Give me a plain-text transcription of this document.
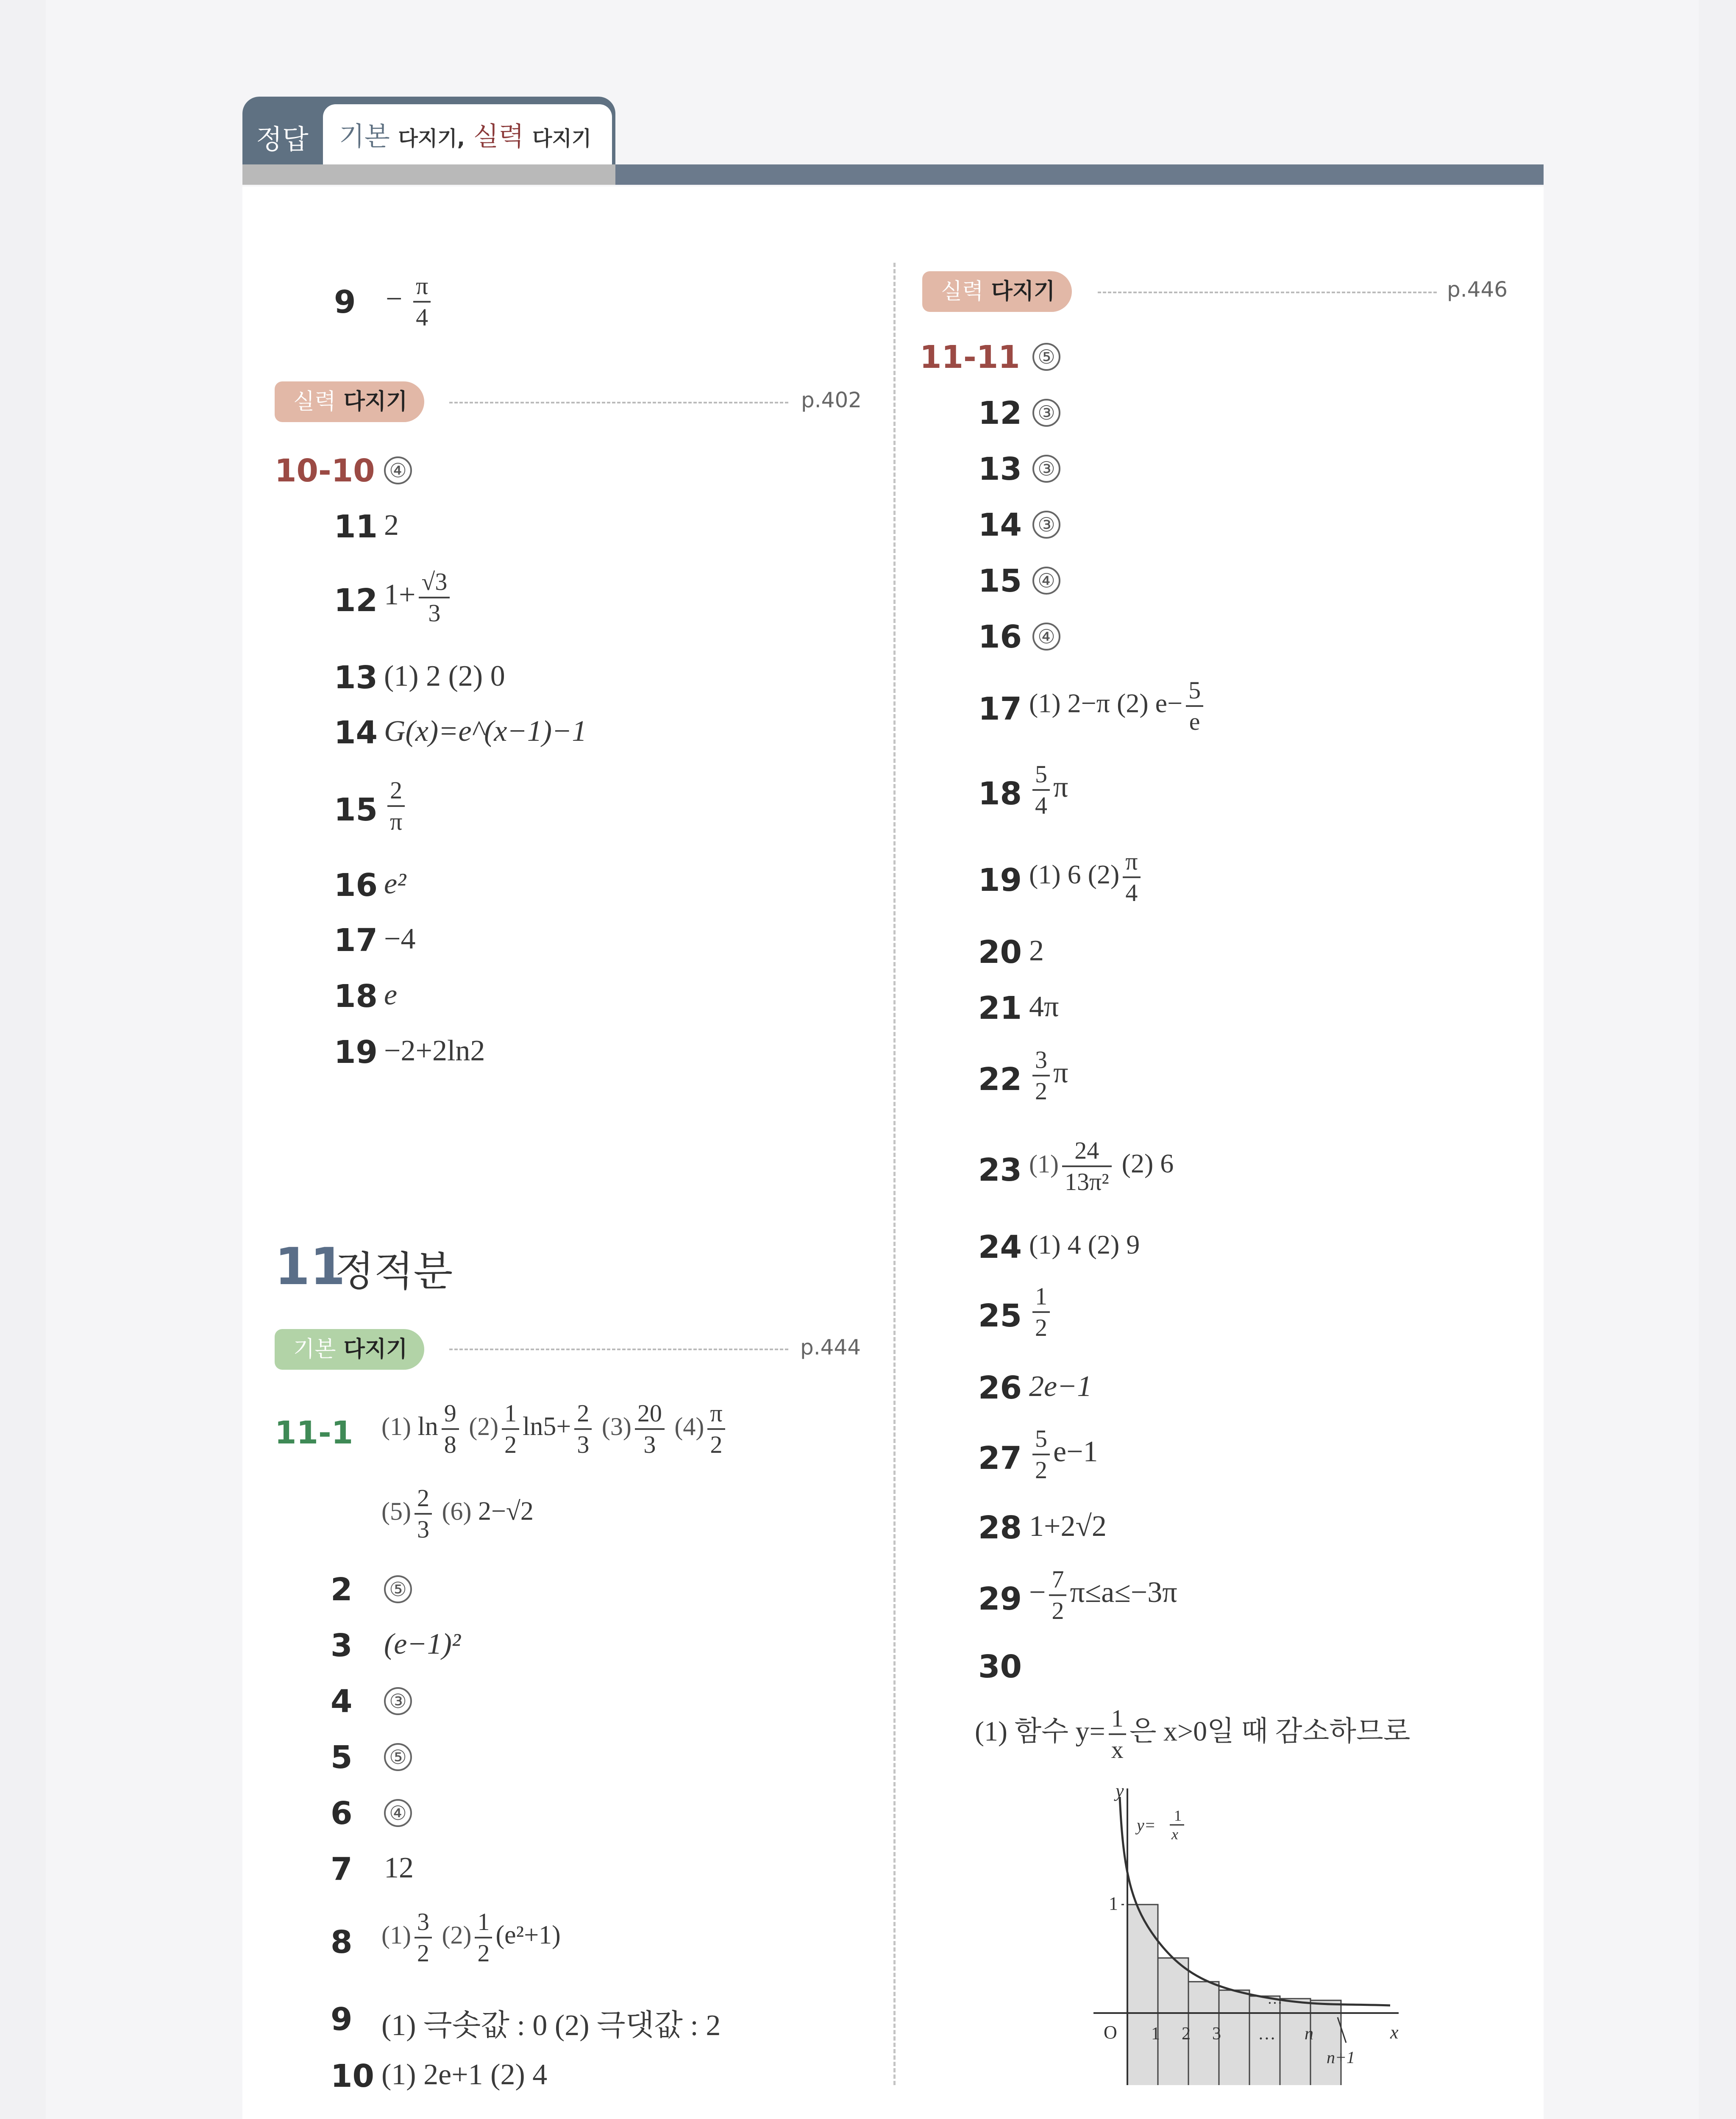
정답 기본 다지기, 실력 다지기
$9 - \frac{\pi}{4}$
실력 다지기	p.402
10-10 ④
11 2
12 $1+ \frac{√3}{3}$
13 (1) 2 (2) 0
14 G(x)=e^(x−1)−1
$15 \frac{2}{\pi}$
16 e²
17 −4
18 e
19 −2+2ln2
11
정적분
기본 다지기	p.444
11-1 (1) $\ln \frac{9}{8} (2) \frac{1}{2} \ln 5+ \frac{2}{3} (3) \frac{20}{3} (4) \frac{\pi}{2}$
$(5) \frac{2}{3} (6)$ 2−√2
2 ⑤
3 (e−1)²
4 ③
5 ⑤
6 ④
7 12
8 $(1) \frac{3}{2} (2) \frac{1}{2} (e^2+1)$
9 (1) 극솟값 : 0 (2) 극댓값 : 2
10 (1) 2e+1 (2) 4
실력 다지기	p.446
11-11 ⑤
12 ③
13 ③
14 ③
15 ④
16 ④
17 (1) 2−π (2) $e- \frac{5}{e}$
$18 \frac{5}{4}$ π
19 (1) 6 $(2) \frac{\pi}{4}$
20 2
21 4π
$22 \frac{3}{2}$ π
23 $(1) \frac{24}{\text{13π²}} (2)$ 6
24 (1) 4 (2) 9
$25 \frac{1}{2}$
26 2e−1
$27 \frac{5}{2} e-1$
28 1+2√2
$29 - \frac{7}{2} \pi\le a\le-3\pi$
30
(1) 함수 $y= \frac{1}{x}$ 은 x>0일 때 감소하므로
y
x
O
1
y= 1
x
1 2 3 … n
…
n+1
